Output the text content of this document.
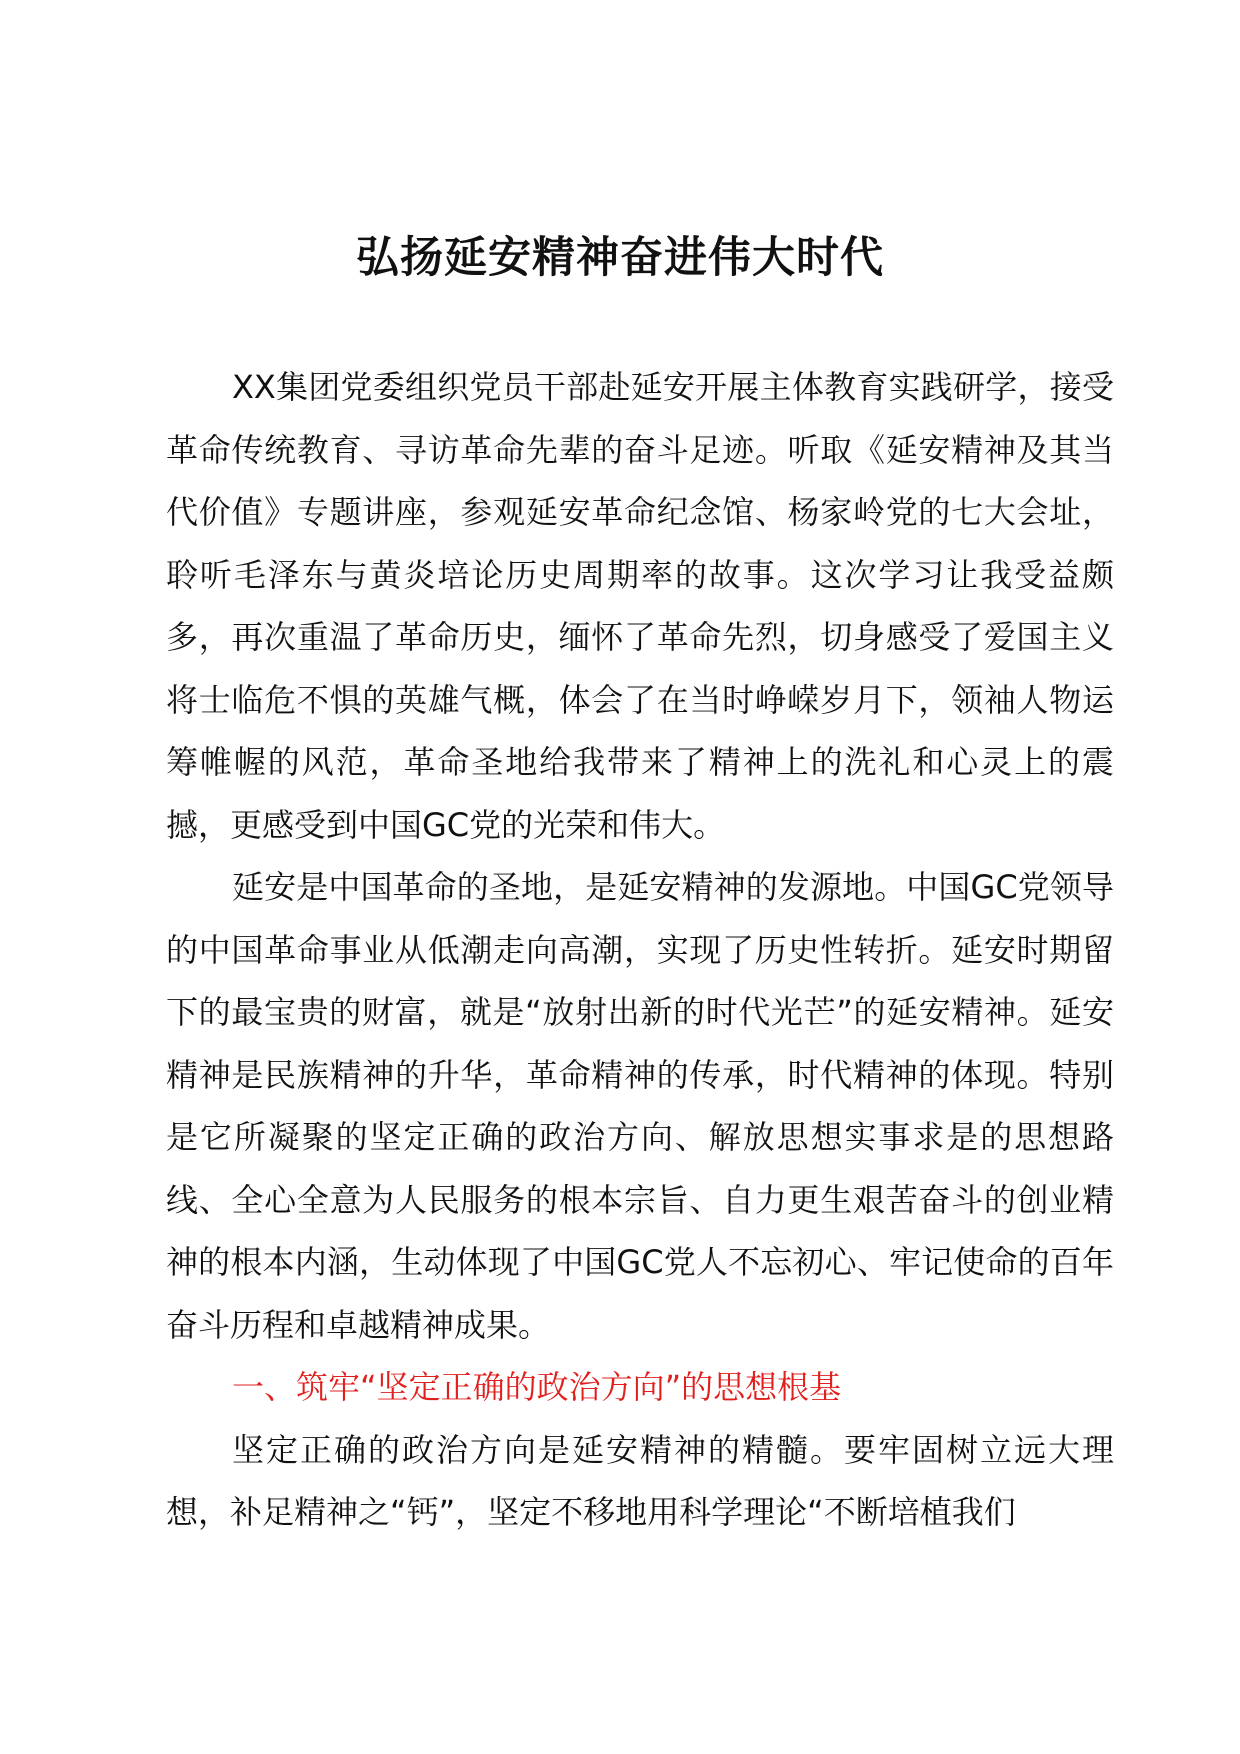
弘扬延安精神奋进伟大时代

XX集团党委组织党员干部赴延安开展主体教育实践研学，接受革命传统教育、寻访革命先辈的奋斗足迹。听取《延安精神及其当代价值》专题讲座，参观延安革命纪念馆、杨家岭党的七大会址，聆听毛泽东与黄炎培论历史周期率的故事。这次学习让我受益颇多，再次重温了革命历史，缅怀了革命先烈，切身感受了爱国主义将士临危不惧的英雄气概，体会了在当时峥嵘岁月下，领袖人物运筹帷幄的风范，革命圣地给我带来了精神上的洗礼和心灵上的震撼，更感受到中国GC党的光荣和伟大。

延安是中国革命的圣地，是延安精神的发源地。中国GC党领导的中国革命事业从低潮走向高潮，实现了历史性转折。延安时期留下的最宝贵的财富，就是“放射出新的时代光芒”的延安精神。延安精神是民族精神的升华，革命精神的传承，时代精神的体现。特别是它所凝聚的坚定正确的政治方向、解放思想实事求是的思想路线、全心全意为人民服务的根本宗旨、自力更生艰苦奋斗的创业精神的根本内涵，生动体现了中国GC党人不忘初心、牢记使命的百年奋斗历程和卓越精神成果。

一、筑牢“坚定正确的政治方向”的思想根基

坚定正确的政治方向是延安精神的精髓。要牢固树立远大理想，补足精神之“钙”，坚定不移地用科学理论“不断培植我们
